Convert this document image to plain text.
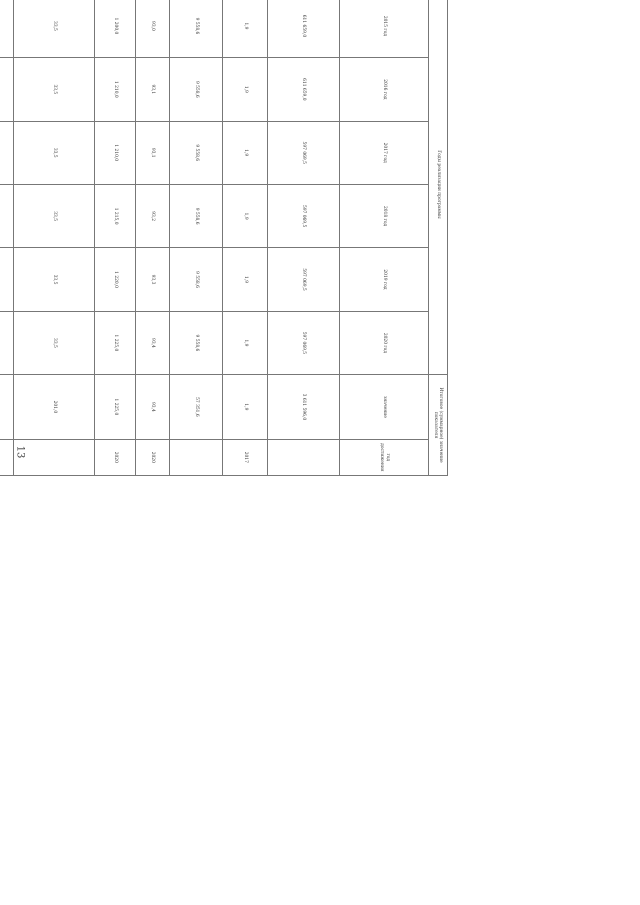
13

		Годы реализации программы						Итоговое (суммарное) значение показателя	

	2015 год	2016 год	2017 год	2018 год	2019 год	2020 год	значение	год достижения

																						611 659,0	611 659,0	597 069,5	597 069,5	597 069,5	597 069,5	3 611 596,0	
																						1,9	1,9	1,9	1,9	1,9	1,9	1,9	2017
																						9 558,6	9 558,6	9 558,6	9 558,6	9 558,6	9 558,6	57 351,6	
																						93,0	93,1	93,1	93,2	93,3	93,4	93,4	2020
																						1 200,0	1 210,0	1 210,0	1 215,0	1 220,0	1 225,0	1 225,0	2020
																						33,5	33,5	33,5	33,5	33,5	33,5	201,0	
